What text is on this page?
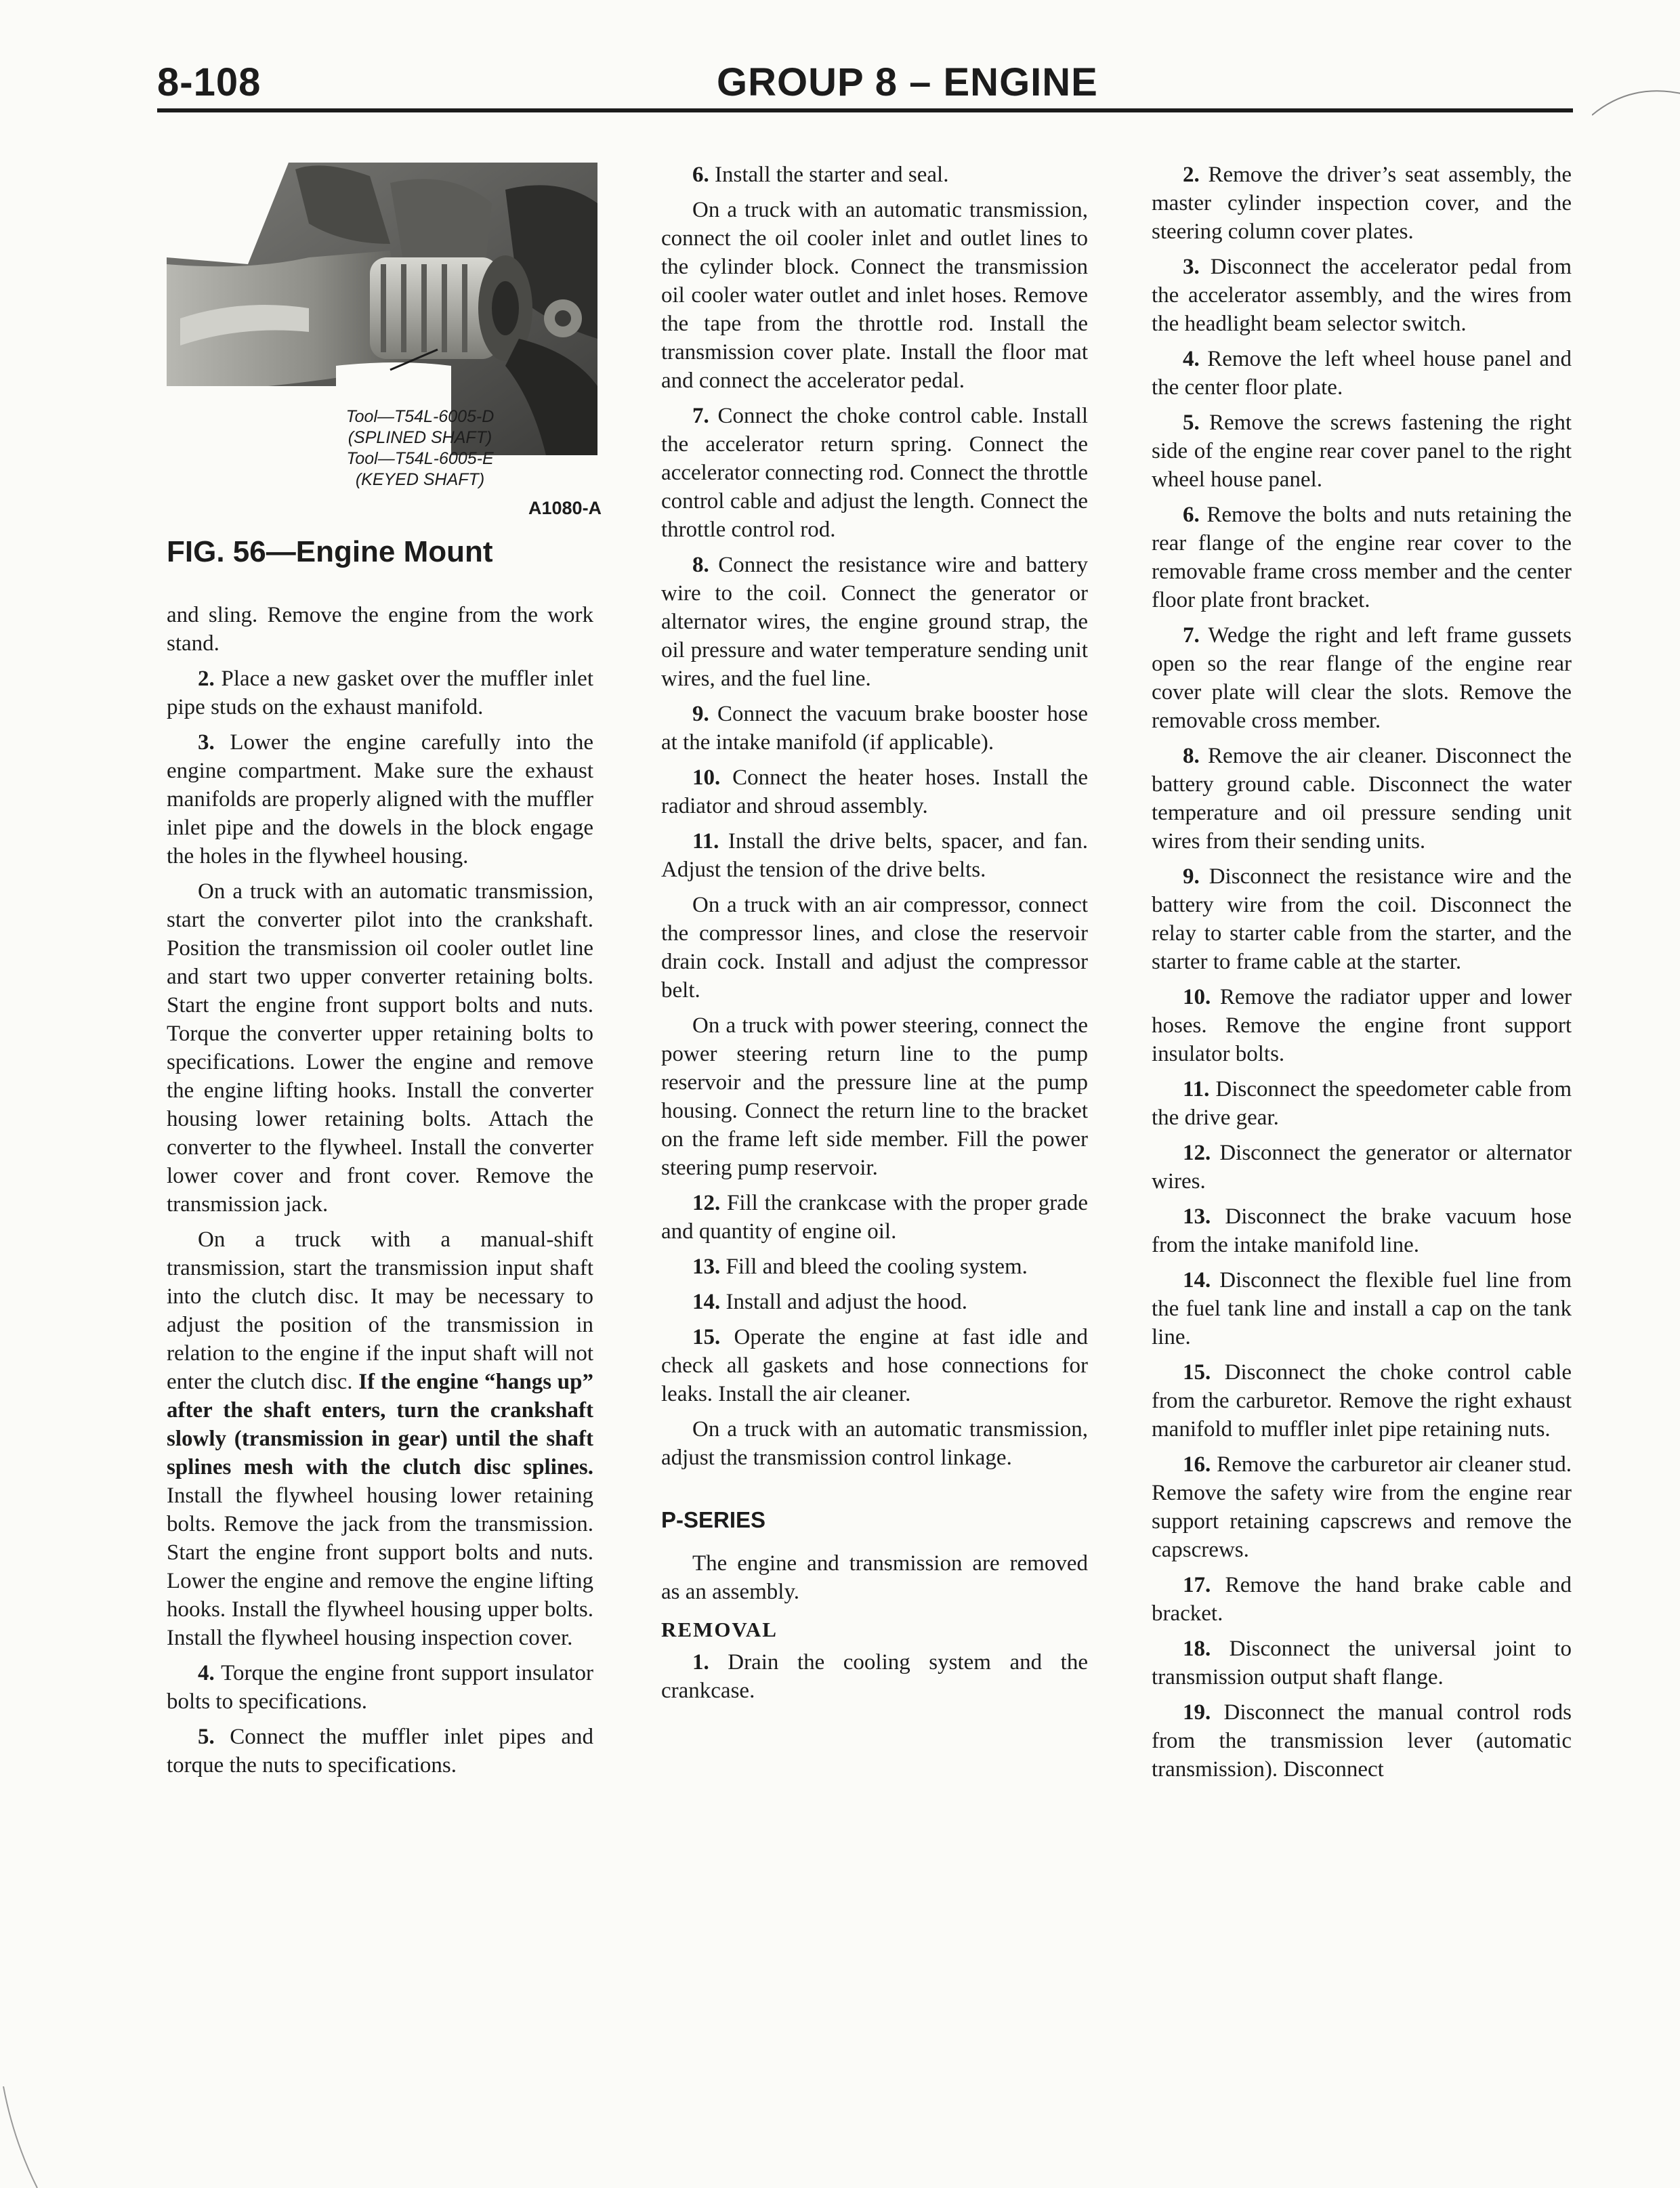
8-108	GROUP 8 – ENGINE
Tool—T54L-6005-D
(SPLINED SHAFT)
Tool—T54L-6005-E
(KEYED SHAFT)
A1080-A
FIG. 56—Engine Mount

and sling. Remove the engine from the work stand.

2. Place a new gasket over the muffler inlet pipe studs on the exhaust manifold.

3. Lower the engine carefully into the engine compartment. Make sure the exhaust manifolds are properly aligned with the muffler inlet pipe and the dowels in the block engage the holes in the flywheel housing.

On a truck with an automatic transmission, start the converter pilot into the crankshaft. Position the transmission oil cooler outlet line and start two upper converter retaining bolts. Start the engine front support bolts and nuts. Torque the converter upper retaining bolts to specifications. Lower the engine and remove the engine lifting hooks. Install the converter housing lower retaining bolts. Attach the converter to the flywheel. Install the converter lower cover and front cover. Remove the transmission jack.

On a truck with a manual-shift transmission, start the transmission input shaft into the clutch disc. It may be necessary to adjust the position of the transmission in relation to the engine if the input shaft will not enter the clutch disc. If the engine “hangs up” after the shaft enters, turn the crankshaft slowly (transmission in gear) until the shaft splines mesh with the clutch disc splines. Install the flywheel housing lower retaining bolts. Remove the jack from the transmission. Start the engine front support bolts and nuts. Lower the engine and remove the engine lifting hooks. Install the flywheel housing upper bolts. Install the flywheel housing inspection cover.

4. Torque the engine front support insulator bolts to specifications.

5. Connect the muffler inlet pipes and torque the nuts to specifications.

6. Install the starter and seal.

On a truck with an automatic transmission, connect the oil cooler inlet and outlet lines to the cylinder block. Connect the transmission oil cooler water outlet and inlet hoses. Remove the tape from the throttle rod. Install the transmission cover plate. Install the floor mat and connect the accelerator pedal.

7. Connect the choke control cable. Install the accelerator return spring. Connect the accelerator connecting rod. Connect the throttle control cable and adjust the length. Connect the throttle control rod.

8. Connect the resistance wire and battery wire to the coil. Connect the generator or alternator wires, the engine ground strap, the oil pressure and water temperature sending unit wires, and the fuel line.

9. Connect the vacuum brake booster hose at the intake manifold (if applicable).

10. Connect the heater hoses. Install the radiator and shroud assembly.

11. Install the drive belts, spacer, and fan. Adjust the tension of the drive belts.

On a truck with an air compressor, connect the compressor lines, and close the reservoir drain cock. Install and adjust the compressor belt.

On a truck with power steering, connect the power steering return line to the pump reservoir and the pressure line at the pump housing. Connect the return line to the bracket on the frame left side member. Fill the power steering pump reservoir.

12. Fill the crankcase with the proper grade and quantity of engine oil.

13. Fill and bleed the cooling system.

14. Install and adjust the hood.

15. Operate the engine at fast idle and check all gaskets and hose connections for leaks. Install the air cleaner.

On a truck with an automatic transmission, adjust the transmission control linkage.

P-SERIES

The engine and transmission are removed as an assembly.

REMOVAL

1. Drain the cooling system and the crankcase.

2. Remove the driver’s seat assembly, the master cylinder inspection cover, and the steering column cover plates.

3. Disconnect the accelerator pedal from the accelerator assembly, and the wires from the headlight beam selector switch.

4. Remove the left wheel house panel and the center floor plate.

5. Remove the screws fastening the right side of the engine rear cover panel to the right wheel house panel.

6. Remove the bolts and nuts retaining the rear flange of the engine rear cover to the removable frame cross member and the center floor plate front bracket.

7. Wedge the right and left frame gussets open so the rear flange of the engine rear cover plate will clear the slots. Remove the removable cross member.

8. Remove the air cleaner. Disconnect the battery ground cable. Disconnect the water temperature and oil pressure sending unit wires from their sending units.

9. Disconnect the resistance wire and the battery wire from the coil. Disconnect the relay to starter cable from the starter, and the starter to frame cable at the starter.

10. Remove the radiator upper and lower hoses. Remove the engine front support insulator bolts.

11. Disconnect the speedometer cable from the drive gear.

12. Disconnect the generator or alternator wires.

13. Disconnect the brake vacuum hose from the intake manifold line.

14. Disconnect the flexible fuel line from the fuel tank line and install a cap on the tank line.

15. Disconnect the choke control cable from the carburetor. Remove the right exhaust manifold to muffler inlet pipe retaining nuts.

16. Remove the carburetor air cleaner stud. Remove the safety wire from the engine rear support retaining capscrews and remove the capscrews.

17. Remove the hand brake cable and bracket.

18. Disconnect the universal joint to transmission output shaft flange.

19. Disconnect the manual control rods from the transmission lever (automatic transmission). Disconnect
